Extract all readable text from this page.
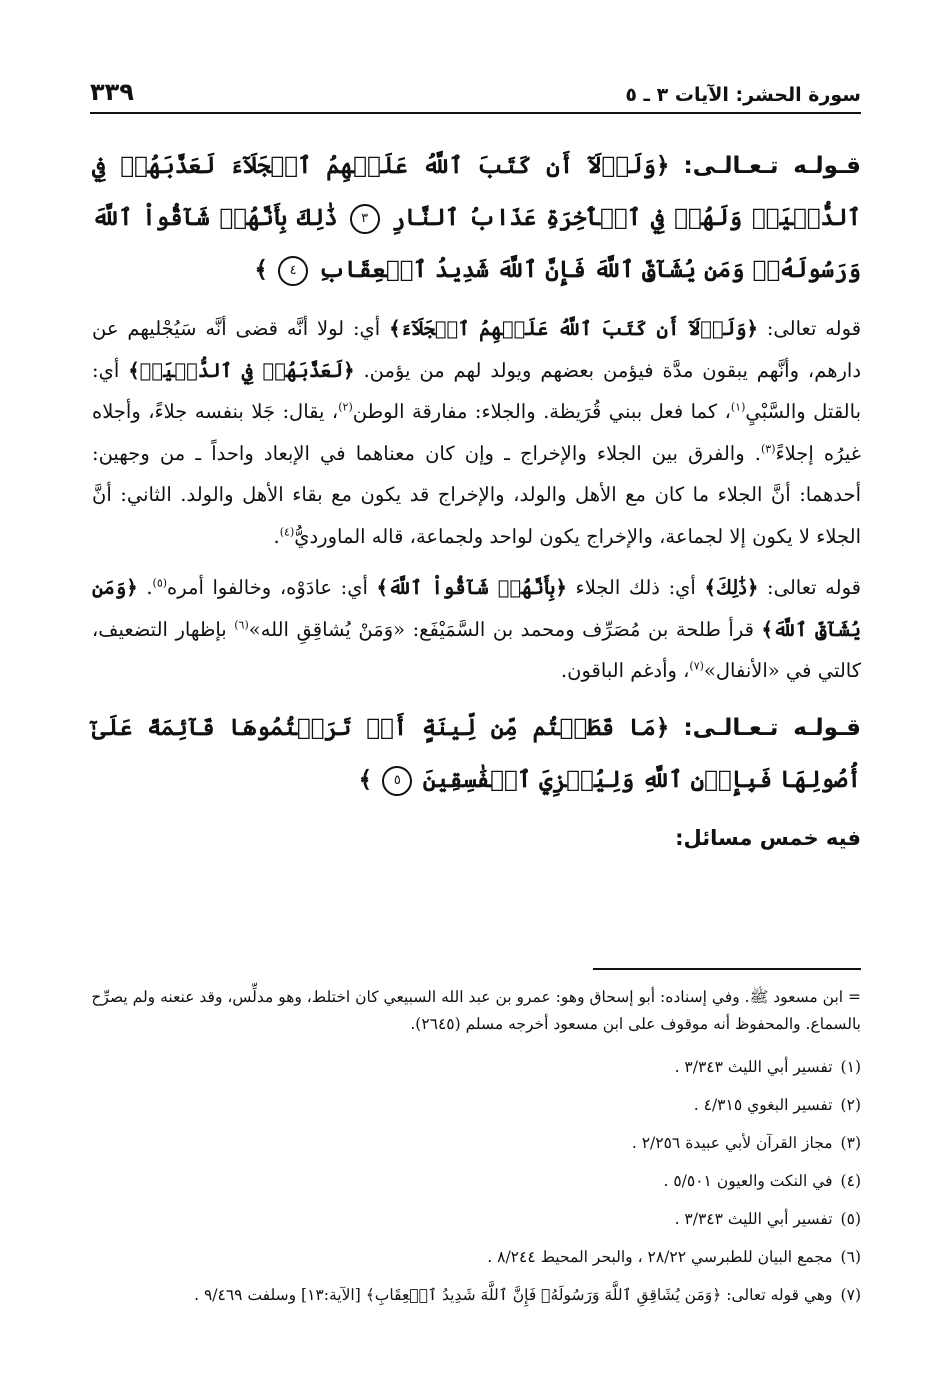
سورة الحشر: الآيات ٣ ـ ٥
٣٣٩

قـولـه تـعـالـى: ﴿وَلَوۡلَآ أَن كَتَبَ ٱللَّهُ عَلَيۡهِمُ ٱلۡجَلَآءَ لَعَذَّبَهُمۡ فِي ٱلدُّنۡيَاۖ وَلَهُمۡ فِي ٱلۡأٓخِرَةِ عَذَابُ ٱلنَّارِ ٣ ذَٰلِكَ بِأَنَّهُمۡ شَآقُّواْ ٱللَّهَ وَرَسُولَهُۥۖ وَمَن يُشَآقِّ ٱللَّهَ فَإِنَّ ٱللَّهَ شَدِيدُ ٱلۡعِقَابِ ٤ ﴾

قوله تعالى: ﴿وَلَوۡلَآ أَن كَتَبَ ٱللَّهُ عَلَيۡهِمُ ٱلۡجَلَآءَ﴾ أي: لولا أنَّه قضى أنَّه سَيُجْليهم عن دارهم، وأنَّهم يبقون مدَّة فيؤمن بعضهم ويولد لهم من يؤمن. ﴿لَعَذَّبَهُمۡ فِي ٱلدُّنۡيَاۖ﴾ أي: بالقتل والسَّبْيِ$^{(١)}$، كما فعل ببني قُرَيظة. والجلاء: مفارقة الوطن$^{(٢)}$، يقال: جَلا بنفسه جلاءً، وأجلاه غيرُه إجلاءً$^{(٣)}$. والفرق بين الجلاء والإخراج ـ وإن كان معناهما في الإبعاد واحداً ـ من وجهين: أحدهما: أنَّ الجلاء ما كان مع الأهل والولد، والإخراج قد يكون مع بقاء الأهل والولد. الثاني: أنَّ الجلاء لا يكون إلا لجماعة، والإخراج يكون لواحد ولجماعة، قاله الماورديُّ$^{(٤)}$.

قوله تعالى: ﴿ذَٰلِكَ﴾ أي: ذلك الجلاء ﴿بِأَنَّهُمۡ شَآقُّواْ ٱللَّهَ﴾ أي: عادَوْه، وخالفوا أمره$^{(٥)}$. ﴿وَمَن يُشَآقِّ ٱللَّهَ﴾ قرأ طلحة بن مُصَرِّف ومحمد بن السَّمَيْفَع: «وَمَنْ يُشاقِقِ الله»$^{(٦)}$ بإظهار التضعيف، كالتي في «الأنفال»$^{(٧)}$، وأدغم الباقون.

قـولـه تـعـالـى: ﴿مَا قَطَعۡتُم مِّن لِّينَةٍ أَوۡ تَرَكۡتُمُوهَا قَآئِمَةً عَلَىٰٓ أُصُولِهَا فَبِإِذۡنِ ٱللَّهِ وَلِيُخۡزِيَ ٱلۡفَٰسِقِينَ ٥ ﴾

فيه خمس مسائل:
= ابن مسعود ﷺ. وفي إسناده: أبو إسحاق وهو: عمرو بن عبد الله السبيعي كان اختلط، وهو مدلِّس، وقد عنعنه ولم يصرِّح بالسماع. والمحفوظ أنه موقوف على ابن مسعود أخرجه مسلم (٢٦٤٥).
(١)تفسير أبي الليث ٣/٣٤٣ .
(٢)تفسير البغوي ٤/٣١٥ .
(٣)مجاز القرآن لأبي عبيدة ٢/٢٥٦ .
(٤)في النكت والعيون ٥/٥٠١ .
(٥)تفسير أبي الليث ٣/٣٤٣ .
(٦)مجمع البيان للطبرسي ٢٨/٢٢ ، والبحر المحيط ٨/٢٤٤ .
(٧)وهي قوله تعالى: ﴿وَمَن يُشَاقِقِ ٱللَّهَ وَرَسُولَهُۥ فَإِنَّ ٱللَّهَ شَدِيدُ ٱلۡعِقَابِ﴾ [الآية:١٣] وسلفت ٩/٤٦٩ .
